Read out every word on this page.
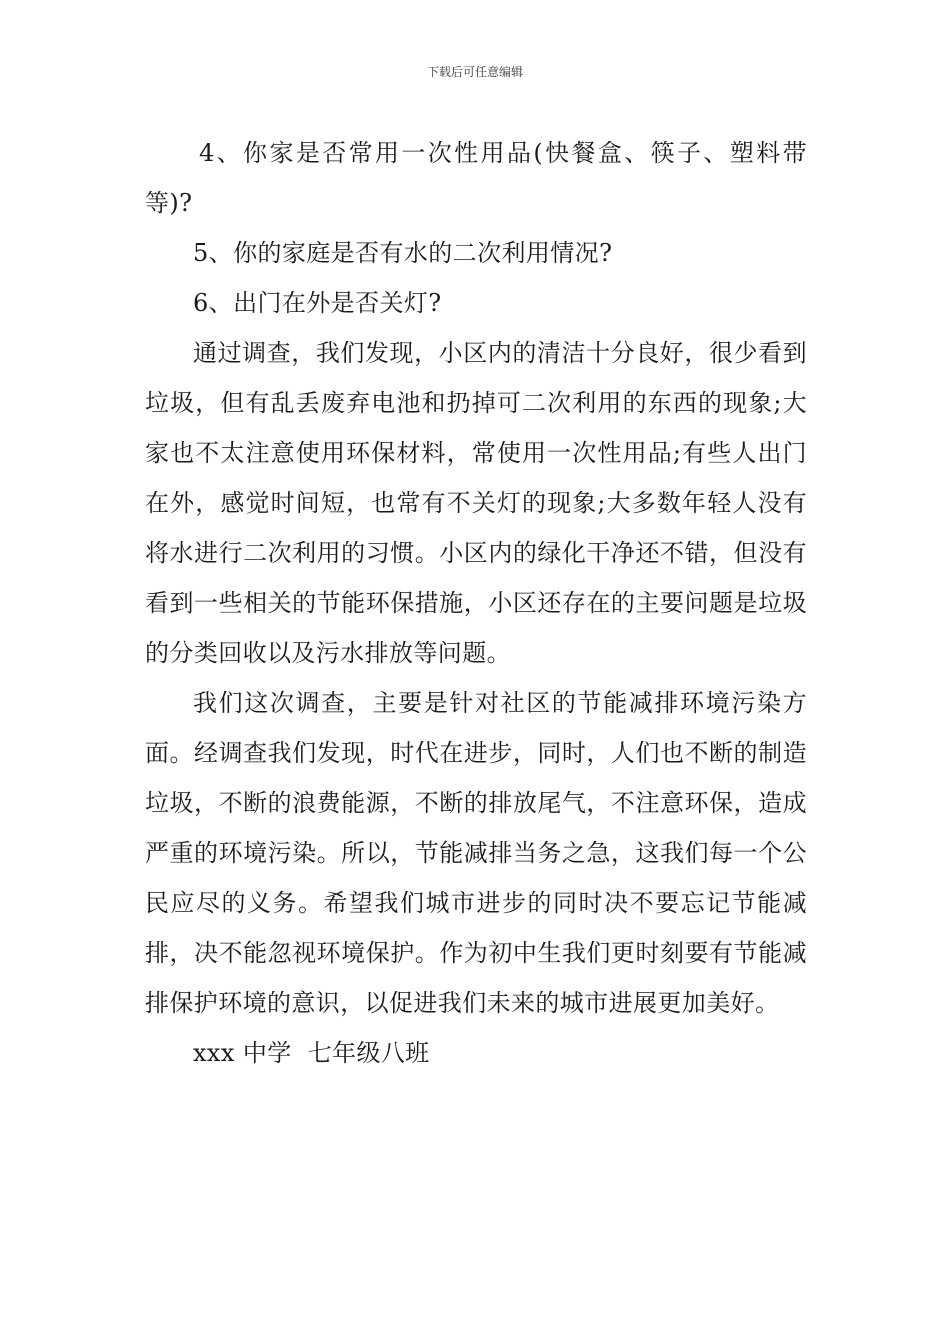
下载后可任意编辑

4、你家是否常用一次性用品(快餐盒、筷子、塑料带等)?

5、你的家庭是否有水的二次利用情况?

6、出门在外是否关灯?

通过调查，我们发现，小区内的清洁十分良好，很少看到垃圾，但有乱丢废弃电池和扔掉可二次利用的东西的现象;大家也不太注意使用环保材料，常使用一次性用品;有些人出门在外，感觉时间短，也常有不关灯的现象;大多数年轻人没有将水进行二次利用的习惯。小区内的绿化干净还不错，但没有看到一些相关的节能环保措施，小区还存在的主要问题是垃圾的分类回收以及污水排放等问题。

我们这次调查，主要是针对社区的节能减排环境污染方面。经调查我们发现，时代在进步，同时，人们也不断的制造垃圾，不断的浪费能源，不断的排放尾气，不注意环保，造成严重的环境污染。所以，节能减排当务之急，这我们每一个公民应尽的义务。希望我们城市进步的同时决不要忘记节能减排，决不能忽视环境保护。作为初中生我们更时刻要有节能减排保护环境的意识，以促进我们未来的城市进展更加美好。

xxx 中学  七年级八班
